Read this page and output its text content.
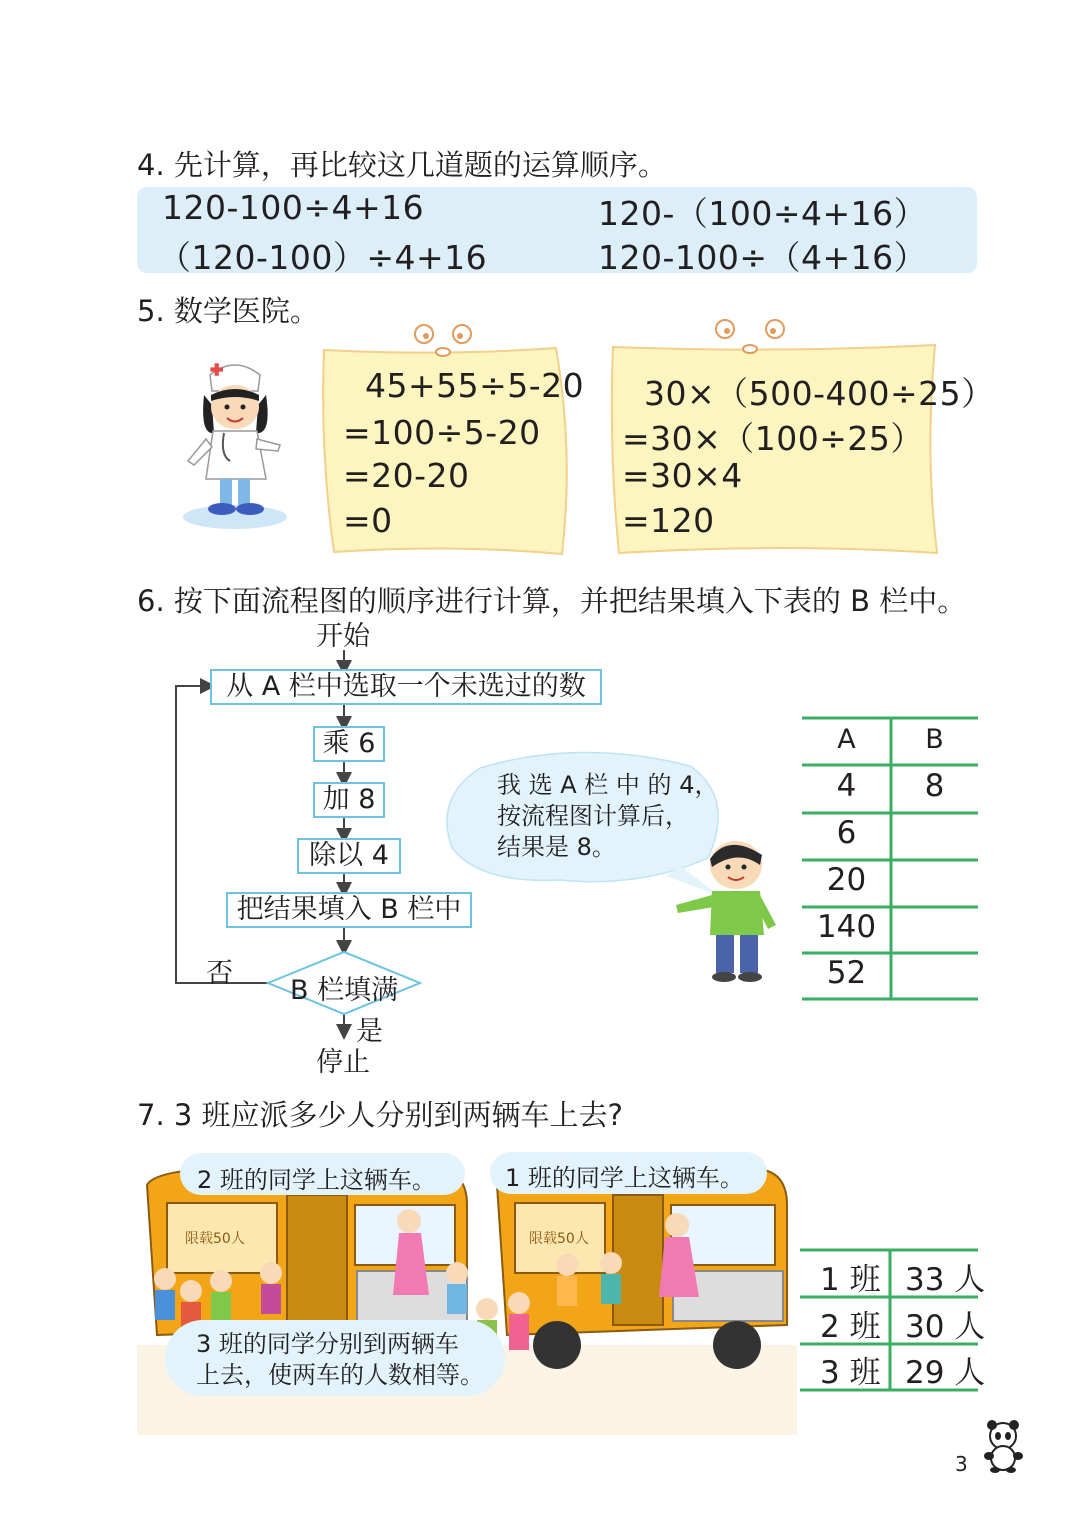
4. 先计算，再比较这几道题的运算顺序。
120-100÷4+16	120-（100÷4+16）
（120-100）÷4+16	120-100÷（4+16）
5. 数学医院。
45+55÷5-20
=100÷5-20
=20-20
=0
30×（500-400÷25）
=30×（100÷25）
=30×4
=120
6. 按下面流程图的顺序进行计算，并把结果填入下表的 B 栏中。
开始
从 A 栏中选取一个未选过的数
乘 6
加 8
除以 4
把结果填入 B 栏中
B 栏填满
否
是
停止
我 选 A 栏 中 的 4，
按流程图计算后，
结果是 8。
A	B
4	8
6
20
140
52
7. 3 班应派多少人分别到两辆车上去?
限载50人	限载50人
2 班的同学上这辆车。	1 班的同学上这辆车。
3 班的同学分别到两辆车
上去，使两车的人数相等。
1 班 33 人
2 班 30 人
3 班 29 人
3
